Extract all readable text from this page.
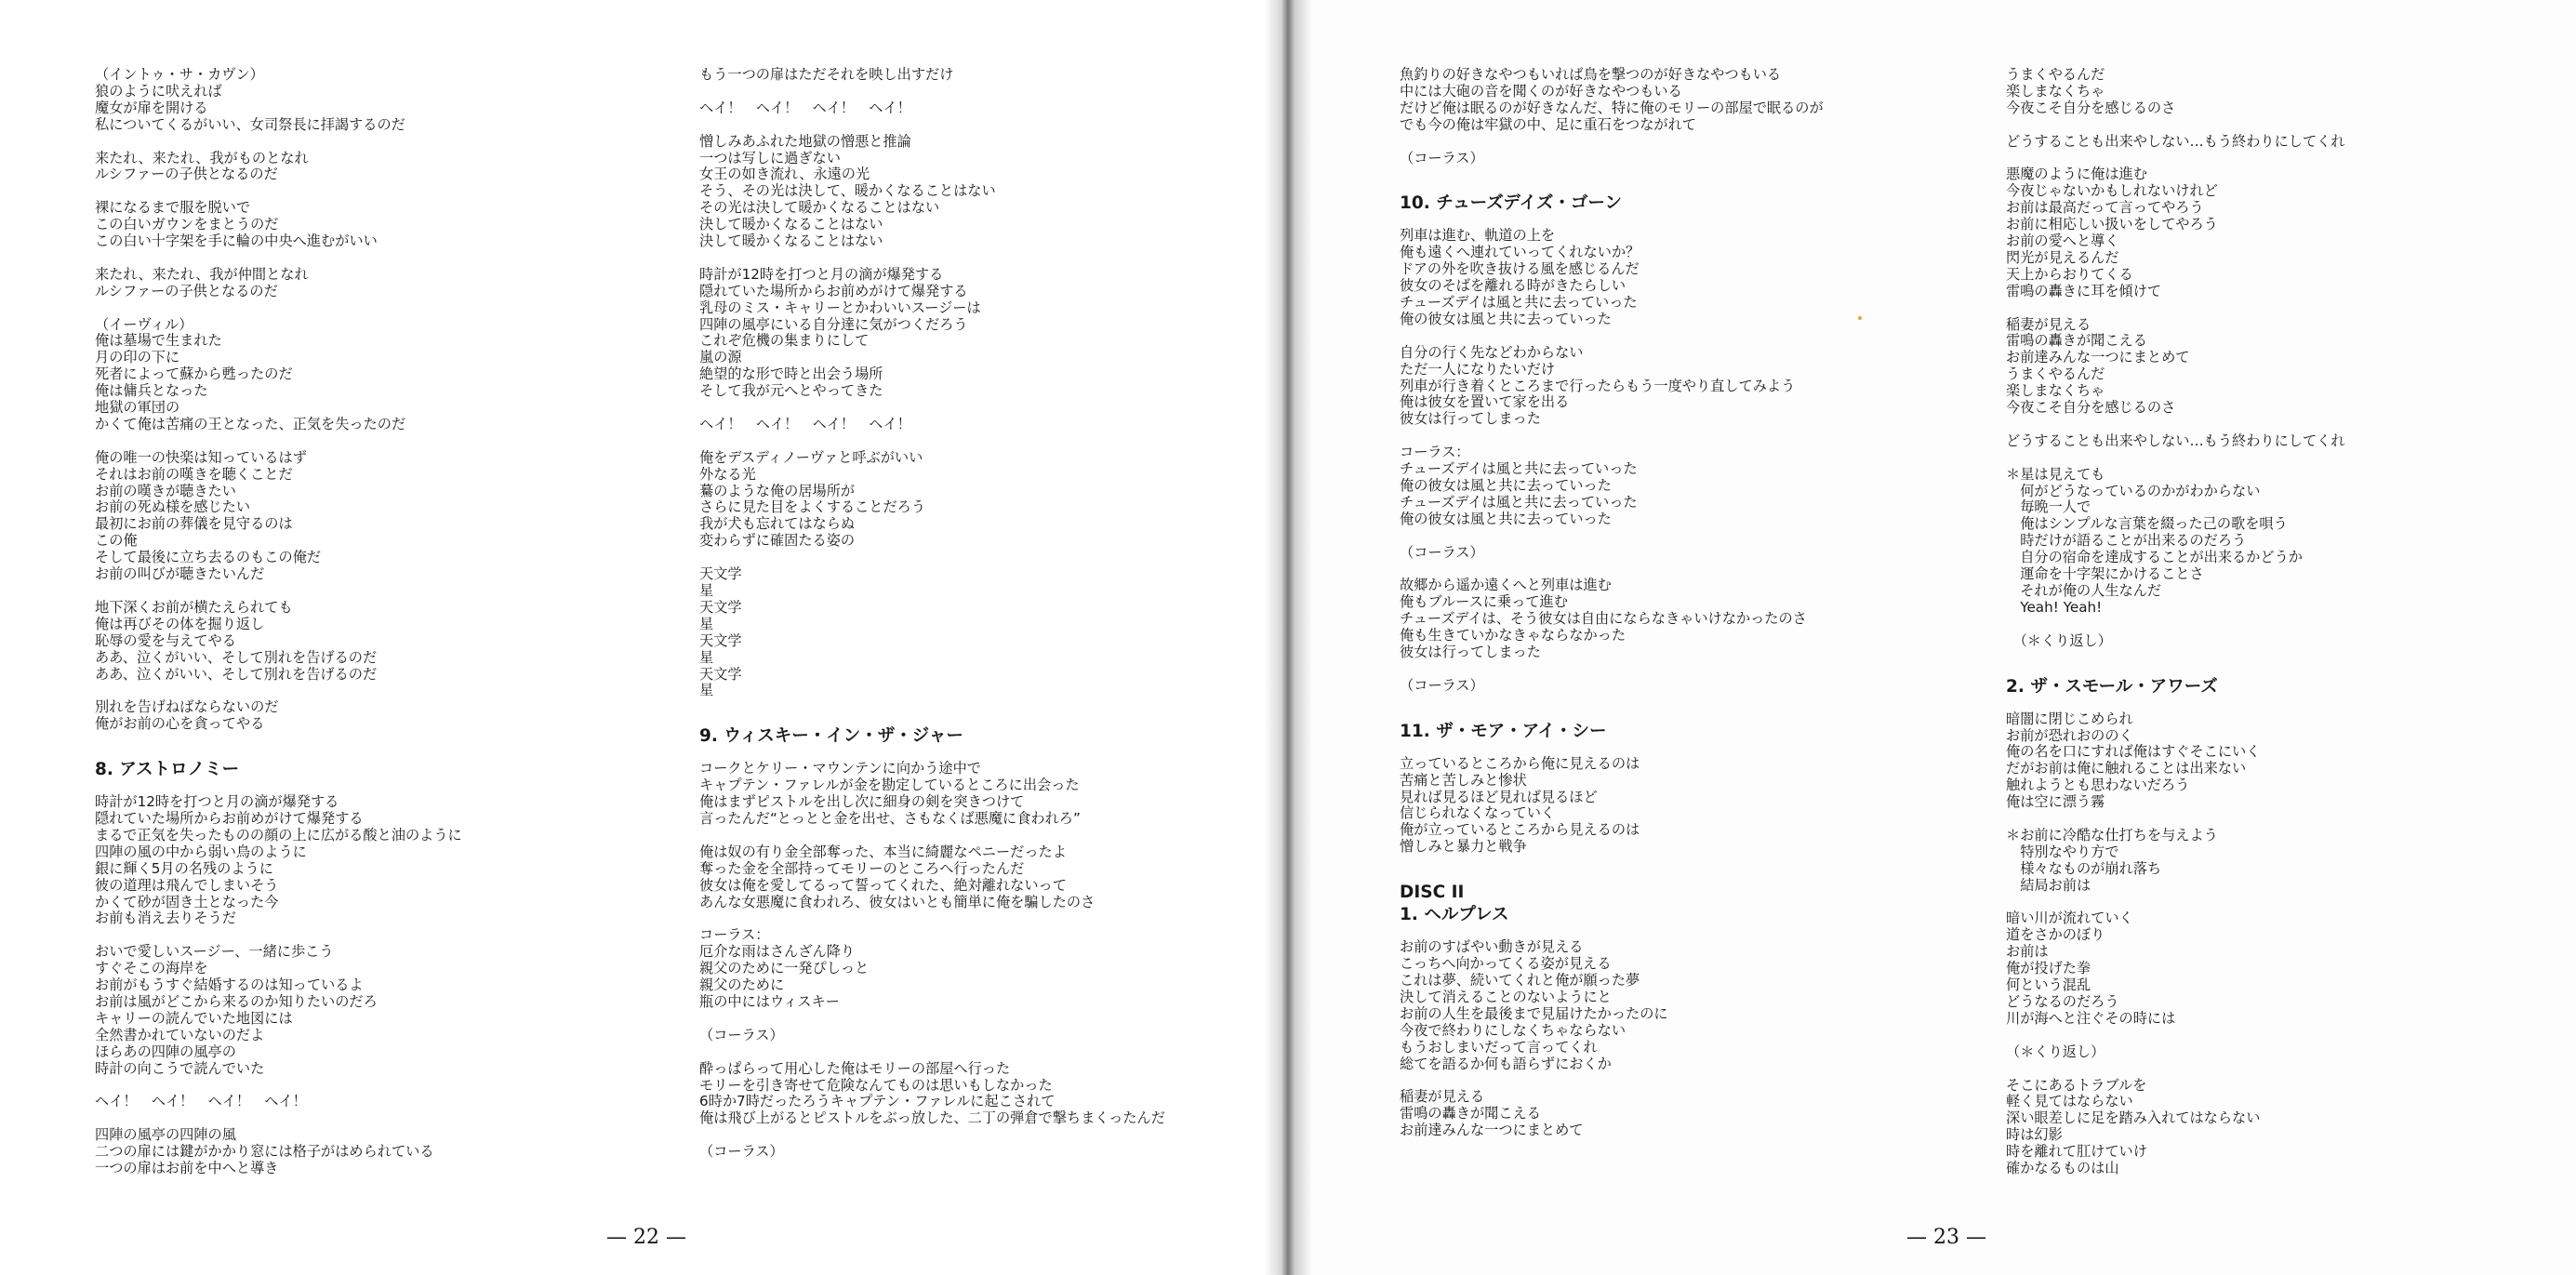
（イントゥ・サ・カヴン）
狼のように吠えれば
魔女が扉を開ける
私についてくるがいい、女司祭長に拝謁するのだ
来たれ、来たれ、我がものとなれ
ルシファーの子供となるのだ
裸になるまで服を脱いで
この白いガウンをまとうのだ
この白い十字架を手に輪の中央へ進むがいい
来たれ、来たれ、我が仲間となれ
ルシファーの子供となるのだ
（イーヴィル）
俺は墓場で生まれた
月の印の下に
死者によって蘇から甦ったのだ
俺は傭兵となった
地獄の軍団の
かくて俺は苦痛の王となった、正気を失ったのだ
俺の唯一の快楽は知っているはず
それはお前の嘆きを聴くことだ
お前の嘆きが聴きたい
お前の死ぬ様を感じたい
最初にお前の葬儀を見守るのは
この俺
そして最後に立ち去るのもこの俺だ
お前の叫びが聴きたいんだ
地下深くお前が横たえられても
俺は再びその体を掘り返し
恥辱の愛を与えてやる
ああ、泣くがいい、そして別れを告げるのだ
ああ、泣くがいい、そして別れを告げるのだ
別れを告げねばならないのだ
俺がお前の心を貪ってやる
8. アストロノミー
時計が12時を打つと月の滴が爆発する
隠れていた場所からお前めがけて爆発する
まるで正気を失ったものの顔の上に広がる酸と油のように
四陣の風の中から弱い鳥のように
銀に輝く5月の名残のように
彼の道理は飛んでしまいそう
かくて砂が固き土となった今
お前も消え去りそうだ
おいで愛しいスージー、一緒に歩こう
すぐそこの海岸を
お前がもうすぐ結婚するのは知っているよ
お前は風がどこから来るのか知りたいのだろ
キャリーの読んでいた地図には
全然書かれていないのだよ
ほらあの四陣の風亭の
時計の向こうで読んでいた
ヘイ！　ヘイ！　ヘイ！　ヘイ！
四陣の風亭の四陣の風
二つの扉には鍵がかかり窓には格子がはめられている
一つの扉はお前を中へと導き
もう一つの扉はただそれを映し出すだけ
ヘイ！　ヘイ！　ヘイ！　ヘイ！
憎しみあふれた地獄の憎悪と推論
一つは写しに過ぎない
女王の如き流れ、永遠の光
そう、その光は決して、暖かくなることはない
その光は決して暖かくなることはない
決して暖かくなることはない
決して暖かくなることはない
時計が12時を打つと月の滴が爆発する
隠れていた場所からお前めがけて爆発する
乳母のミス・キャリーとかわいいスージーは
四陣の風亭にいる自分達に気がつくだろう
これぞ危機の集まりにして
嵐の源
絶望的な形で時と出会う場所
そして我が元へとやってきた
ヘイ！　ヘイ！　ヘイ！　ヘイ！
俺をデスディノーヴァと呼ぶがいい
外なる光
驀のような俺の居場所が
さらに見た目をよくすることだろう
我が犬も忘れてはならぬ
変わらずに確固たる姿の
天文学
星
天文学
星
天文学
星
天文学
星
9. ウィスキー・イン・ザ・ジャー
コークとケリー・マウンテンに向かう途中で
キャプテン・ファレルが金を勘定しているところに出会った
俺はまずピストルを出し次に細身の剣を突きつけて
言ったんだ“とっとと金を出せ、さもなくば悪魔に食われろ”
俺は奴の有り金全部奪った、本当に綺麗なペニーだったよ
奪った金を全部持ってモリーのところへ行ったんだ
彼女は俺を愛してるって誓ってくれた、絶対離れないって
あんな女悪魔に食われろ、彼女はいとも簡単に俺を騙したのさ
コーラス：
厄介な雨はさんざん降り
親父のために一発ぴしっと
親父のために
瓶の中にはウィスキー
（コーラス）
酔っぱらって用心した俺はモリーの部屋へ行った
モリーを引き寄せて危険なんてものは思いもしなかった
6時か7時だったろうキャプテン・ファレルに起こされて
俺は飛び上がるとピストルをぶっ放した、二丁の弾倉で撃ちまくったんだ
（コーラス）
— 22 —
魚釣りの好きなやつもいれば鳥を撃つのが好きなやつもいる
中には大砲の音を聞くのが好きなやつもいる
だけど俺は眠るのが好きなんだ、特に俺のモリーの部屋で眠るのが
でも今の俺は牢獄の中、足に重石をつながれて
（コーラス）
10. チューズデイズ・ゴーン
列車は進む、軌道の上を
俺も遠くへ連れていってくれないか？
ドアの外を吹き抜ける風を感じるんだ
彼女のそばを離れる時がきたらしい
チューズデイは風と共に去っていった
俺の彼女は風と共に去っていった
自分の行く先などわからない
ただ一人になりたいだけ
列車が行き着くところまで行ったらもう一度やり直してみよう
俺は彼女を置いて家を出る
彼女は行ってしまった
コーラス：
チューズデイは風と共に去っていった
俺の彼女は風と共に去っていった
チューズデイは風と共に去っていった
俺の彼女は風と共に去っていった
（コーラス）
故郷から遥か遠くへと列車は進む
俺もブルースに乗って進む
チューズデイは、そう彼女は自由にならなきゃいけなかったのさ
俺も生きていかなきゃならなかった
彼女は行ってしまった
（コーラス）
11. ザ・モア・アイ・シー
立っているところから俺に見えるのは
苦痛と苦しみと惨状
見れば見るほど見れば見るほど
信じられなくなっていく
俺が立っているところから見えるのは
憎しみと暴力と戦争
DISC II
1. ヘルプレス
お前のすばやい動きが見える
こっちへ向かってくる姿が見える
これは夢、続いてくれと俺が願った夢
決して消えることのないようにと
お前の人生を最後まで見届けたかったのに
今夜で終わりにしなくちゃならない
もうおしまいだって言ってくれ
総てを語るか何も語らずにおくか
稲妻が見える
雷鳴の轟きが聞こえる
お前達みんな一つにまとめて
うまくやるんだ
楽しまなくちゃ
今夜こそ自分を感じるのさ
どうすることも出来やしない…もう終わりにしてくれ
悪魔のように俺は進む
今夜じゃないかもしれないけれど
お前は最高だって言ってやろう
お前に相応しい扱いをしてやろう
お前の愛へと導く
閃光が見えるんだ
天上からおりてくる
雷鳴の轟きに耳を傾けて
稲妻が見える
雷鳴の轟きが聞こえる
お前達みんな一つにまとめて
うまくやるんだ
楽しまなくちゃ
今夜こそ自分を感じるのさ
どうすることも出来やしない…もう終わりにしてくれ
＊星は見えても
　何がどうなっているのかがわからない
　毎晩一人で
　俺はシンプルな言葉を綴った己の歌を唄う
　時だけが語ることが出来るのだろう
　自分の宿命を達成することが出来るかどうか
　運命を十字架にかけることさ
　それが俺の人生なんだ
　Yeah! Yeah!
　（＊くり返し）
2. ザ・スモール・アワーズ
暗闇に閉じこめられ
お前が恐れおののく
俺の名を口にすれば俺はすぐそこにいく
だがお前は俺に触れることは出来ない
触れようとも思わないだろう
俺は空に漂う霧
＊お前に冷酷な仕打ちを与えよう
　特別なやり方で
　様々なものが崩れ落ち
　結局お前は
暗い川が流れていく
道をさかのぼり
お前は
俺が投げた拳
何という混乱
どうなるのだろう
川が海へと注ぐその時には
（＊くり返し）
そこにあるトラブルを
軽く見てはならない
深い眼差しに足を踏み入れてはならない
時は幻影
時を離れて肛けていけ
確かなるものは山
— 23 —
